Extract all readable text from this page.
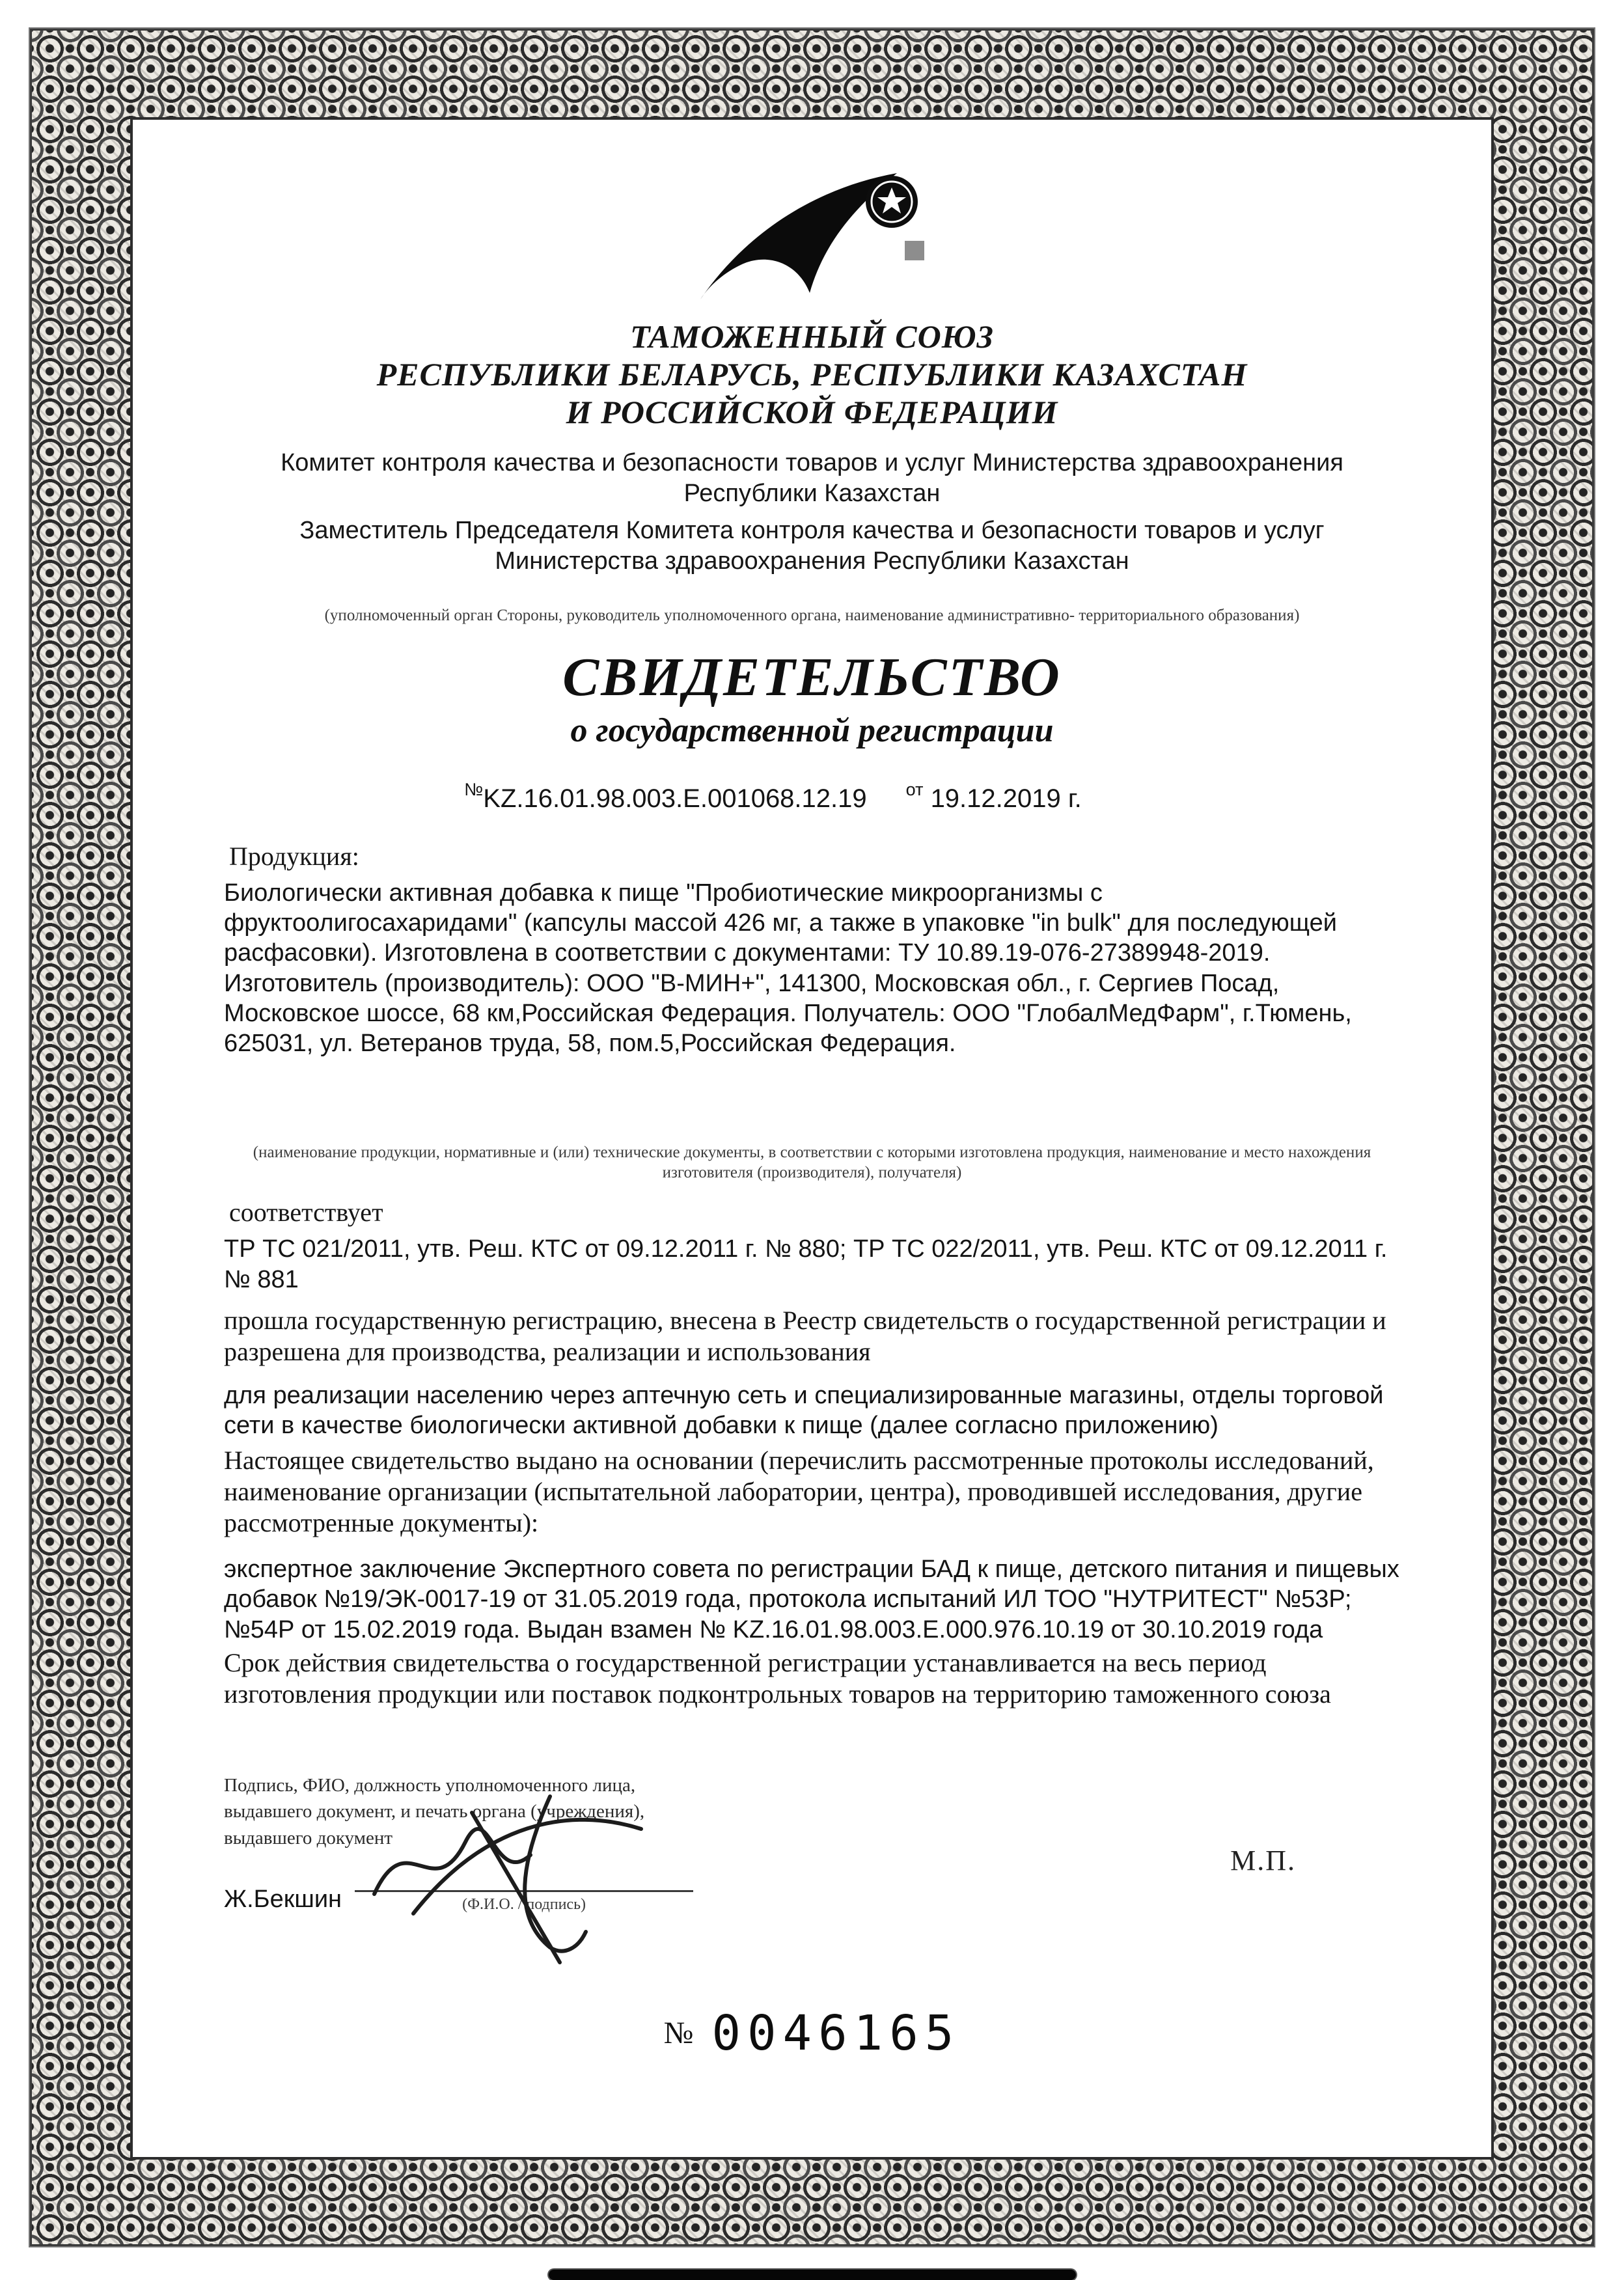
ТАМОЖЕННЫЙ СОЮЗ
РЕСПУБЛИКИ БЕЛАРУСЬ, РЕСПУБЛИКИ КАЗАХСТАН
И РОССИЙСКОЙ ФЕДЕРАЦИИ

Комитет контроля качества и безопасности товаров и услуг Министерства здравоохранения Республики Казахстан

Заместитель Председателя Комитета контроля качества и безопасности товаров и услуг Министерства здравоохранения Республики Казахстан

(уполномоченный орган Стороны, руководитель уполномоченного органа, наименование административно- территориального образования)

СВИДЕТЕЛЬСТВО
о государственной регистрации
№KZ.16.01.98.003.E.001068.12.19 $^{от}$ 19.12.2019 г.

Продукция:

Биологически активная добавка к пище "Пробиотические микроорганизмы с фруктоолигосахаридами" (капсулы массой 426 мг, а также в упаковке "in bulk" для последующей расфасовки). Изготовлена в соответствии с документами: ТУ 10.89.19-076-27389948-2019. Изготовитель (производитель): ООО "В-МИН+", 141300, Московская обл., г. Сергиев Посад, Московское шоссе, 68 км,Российская Федерация. Получатель: ООО "ГлобалМедФарм", г.Тюмень, 625031, ул. Ветеранов труда, 58, пом.5,Российская Федерация.

(наименование продукции, нормативные и (или) технические документы, в соответствии с которыми изготовлена продукция, наименование и место нахождения изготовителя (производителя), получателя)

соответствует

ТР ТС 021/2011, утв. Реш. КТС от 09.12.2011 г. № 880; ТР ТС 022/2011, утв. Реш. КТС от 09.12.2011 г. № 881

прошла государственную регистрацию, внесена в Реестр свидетельств о государственной регистрации и разрешена для производства, реализации и использования

для реализации населению через аптечную сеть и специализированные магазины, отделы торговой сети в качестве биологически активной добавки к пище (далее согласно приложению)

Настоящее свидетельство выдано на основании (перечислить рассмотренные протоколы исследований, наименование организации (испытательной лаборатории, центра), проводившей исследования, другие рассмотренные документы):

экспертное заключение Экспертного совета по регистрации БАД к пище, детского питания и пищевых добавок №19/ЭК-0017-19 от 31.05.2019 года, протокола испытаний ИЛ ТОО "НУТРИТЕСТ" №53Р; №54Р от 15.02.2019 года. Выдан взамен № KZ.16.01.98.003.E.000.976.10.19 от 30.10.2019 года

Срок действия свидетельства о государственной регистрации устанавливается на весь период изготовления продукции или поставок подконтрольных товаров на территорию таможенного союза

Подпись, ФИО, должность уполномоченного лица, выдавшего документ, и печать органа (учреждения), выдавшего документ

Ж.Бекшин	(Ф.И.О. / подпись)
М.П.
№ 0046165
